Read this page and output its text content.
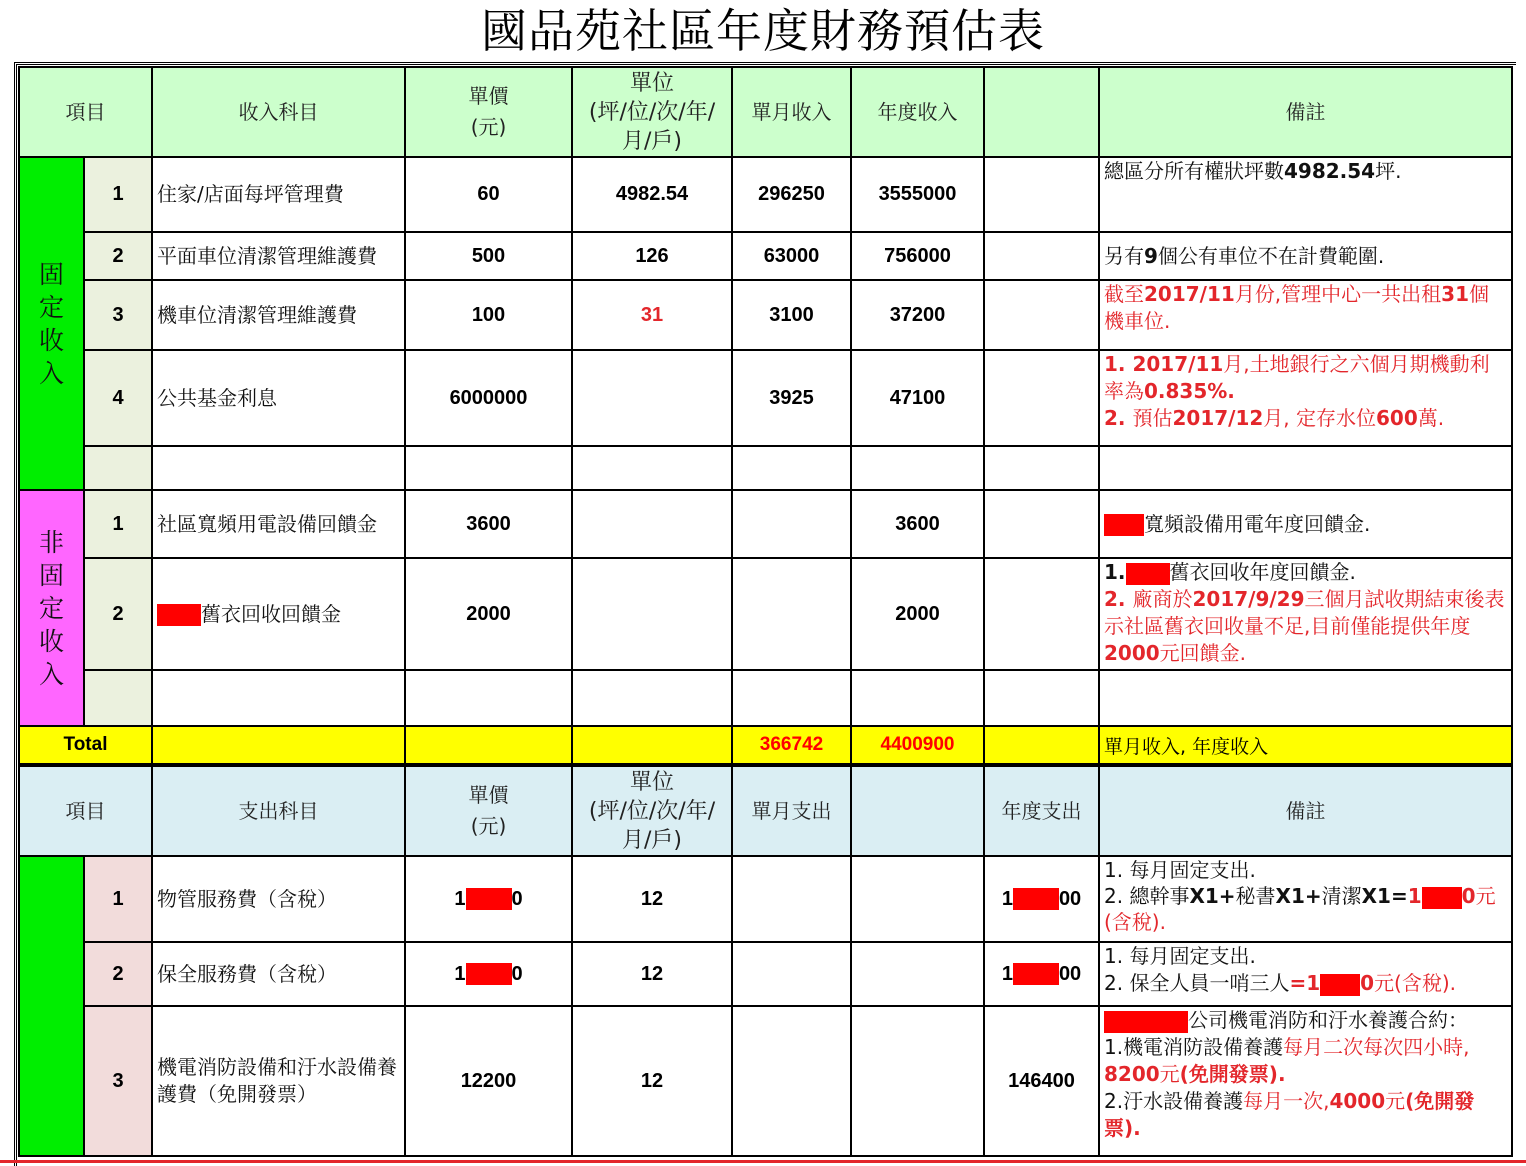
國品苑社區年度財務預估表
項目		收入科目	單價
(元)	單位
(坪/位/次/年/
月/戶)	單月收入	年度收入		備註
固定收入	1	住家/店面每坪管理費	60	4982.54	296250	3555000		總區分所有權狀坪數4982.54坪.
	2	平面車位清潔管理維護費	500	126	63000	756000		另有9個公有車位不在計費範圍.
	3	機車位清潔管理維護費	100	31	3100	37200		截至2017/11月份,管理中心一共出租31個機車位.
	4	公共基金利息	6000000		3925	47100		1. 2017/11月,土地銀行之六個月期機動利率為0.835%.
2. 預估2017/12月, 定存水位600萬.

非固定收入	1	社區寬頻用電設備回饋金	3600			3600		寬頻設備用電年度回饋金.
	2	舊衣回收回饋金	2000			2000		1. 舊衣回收年度回饋金.
2. 廠商於2017/9/29三個月試收期結束後表示社區舊衣回收量不足,目前僅能提供年度2000元回饋金.

Total					366742	4400900		單月收入, 年度收入
項目		支出科目	單價
(元)	單位
(坪/位/次/年/
月/戶)	單月支出		年度支出	備註
	1	物管服務費（含稅）	1 0	12			1 00	1. 每月固定支出.
2. 總幹事X1+秘書X1+清潔X1=1 0元(含稅).
	2	保全服務費（含稅）	1 0	12			1 00	1. 每月固定支出.
2. 保全人員一哨三人=1 0元(含稅).
	3	機電消防設備和汙水設備養護費（免開發票）	12200	12			146400	公司機電消防和汙水養護合約：
1.機電消防設備養護每月二次每次四小時,
8200元(免開發票).
2.汙水設備養護每月一次,4000元(免開發票).
